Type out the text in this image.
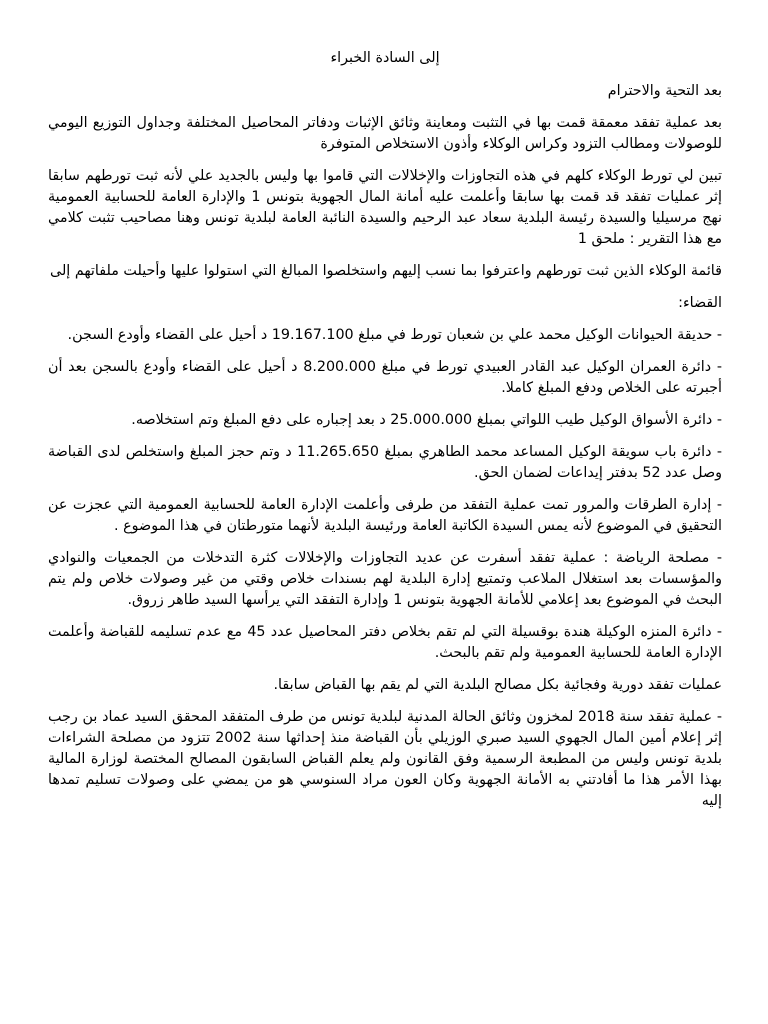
إلى السادة الخبراء

بعد التحية والاحترام

بعد عملية تفقد معمقة قمت بها في التثبت ومعاينة وثائق الإثبات ودفاتر المحاصيل المختلفة وجداول التوزيع اليومي للوصولات ومطالب التزود وكراس الوكلاء وأذون الاستخلاص المتوفرة

تبين لي تورط الوكلاء كلهم في هذه التجاوزات والإخلالات التي قاموا بها وليس بالجديد علي لأنه ثبت تورطهم سابقا إثر عمليات تفقد قد قمت بها سابقا وأعلمت عليه أمانة المال الجهوية بتونس 1 والإدارة العامة للحسابية العمومية نهج مرسيليا والسيدة رئيسة البلدية سعاد عبد الرحيم والسيدة النائبة العامة لبلدية تونس وهنا مصاحيب تثبت كلامي مع هذا التقرير : ملحق 1

قائمة الوكلاء الذين ثبت تورطهم واعترفوا بما نسب إليهم واستخلصوا المبالغ التي استولوا عليها وأحيلت ملفاتهم إلى

القضاء:

- حديقة الحيوانات الوكيل محمد علي بن شعبان تورط في مبلغ 19.167.100 د أحيل على القضاء وأودع السجن.

- دائرة العمران الوكيل عبد القادر العبيدي تورط في مبلغ 8.200.000 د أحيل على القضاء وأودع بالسجن بعد أن أجبرته على الخلاص ودفع المبلغ كاملا.

- دائرة الأسواق الوكيل طيب اللواتي بمبلغ 25.000.000 د بعد إجباره على دفع المبلغ وتم استخلاصه.

- دائرة باب سويقة الوكيل المساعد محمد الطاهري بمبلغ 11.265.650 د وتم حجز المبلغ واستخلص لدى القباضة وصل عدد 52 بدفتر إيداعات لضمان الحق.

- إدارة الطرقات والمرور تمت عملية التفقد من طرفى وأعلمت الإدارة العامة للحسابية العمومية التي عجزت عن التحقيق في الموضوع لأنه يمس السيدة الكاتبة العامة ورئيسة البلدية لأنهما متورطتان في هذا الموضوع .

- مصلحة الرياضة : عملية تفقد أسفرت عن عديد التجاوزات والإخلالات كثرة التدخلات من الجمعيات والنوادي والمؤسسات بعد استغلال الملاعب وتمتيع إدارة البلدية لهم بسندات خلاص وقتي من غير وصولات خلاص ولم يتم البحث في الموضوع بعد إعلامي للأمانة الجهوية بتونس 1 وإدارة التفقد التي يرأسها السيد طاهر زروق.

- دائرة المنزه الوكيلة هندة بوقسيلة التي لم تقم بخلاص دفتر المحاصيل عدد 45 مع عدم تسليمه للقباضة وأعلمت الإدارة العامة للحسابية العمومية ولم تقم بالبحث.

عمليات تفقد دورية وفجائية بكل مصالح البلدية التي لم يقم بها القباض سابقا.

- عملية تفقد سنة 2018 لمخزون وثائق الحالة المدنية لبلدية تونس من طرف المتفقد المحقق السيد عماد بن رجب إثر إعلام أمين المال الجهوي السيد صبري الوزيلي بأن القباضة منذ إحداثها سنة 2002 تتزود من مصلحة الشراءات بلدية تونس وليس من المطبعة الرسمية وفق القانون ولم يعلم القباض السابقون المصالح المختصة لوزارة المالية بهذا الأمر هذا ما أفادتني به الأمانة الجهوية وكان العون مراد السنوسي هو من يمضي على وصولات تسليم تمدها إليه
